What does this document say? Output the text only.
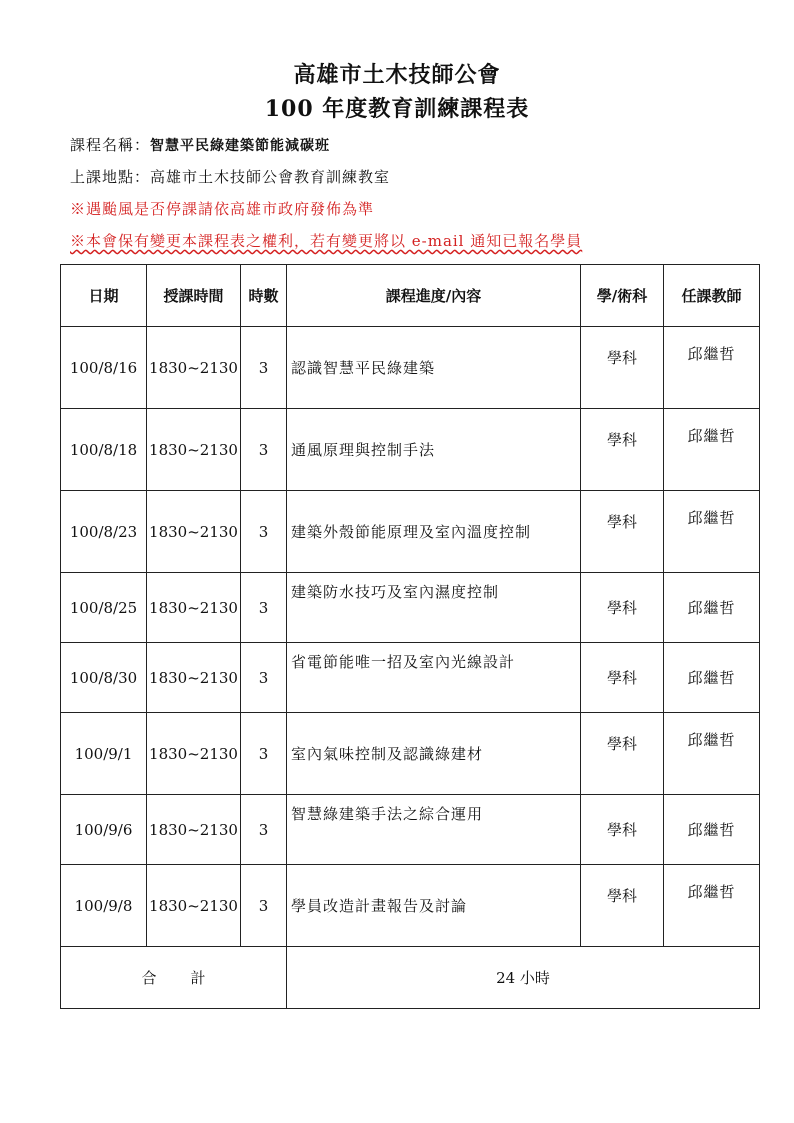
高雄市土木技師公會
100 年度教育訓練課程表
課程名稱：智慧平民綠建築節能減碳班
上課地點：高雄市土木技師公會教育訓練教室
※遇颱風是否停課請依高雄市政府發佈為準
※本會保有變更本課程表之權利，若有變更將以 e-mail 通知已報名學員
日期	授課時間	時數	課程進度/內容	學/術科	任課教師
100/8/16	1830~2130	3	認識智慧平民綠建築	學科	邱繼哲
100/8/18	1830~2130	3	通風原理與控制手法	學科	邱繼哲
100/8/23	1830~2130	3	建築外殼節能原理及室內溫度控制	學科	邱繼哲
100/8/25	1830~2130	3	建築防水技巧及室內濕度控制	學科	邱繼哲
100/8/30	1830~2130	3	省電節能唯一招及室內光線設計	學科	邱繼哲
100/9/1	1830~2130	3	室內氣味控制及認識綠建材	學科	邱繼哲
100/9/6	1830~2130	3	智慧綠建築手法之綜合運用	學科	邱繼哲
100/9/8	1830~2130	3	學員改造計畫報告及討論	學科	邱繼哲
合 計			24 小時		
